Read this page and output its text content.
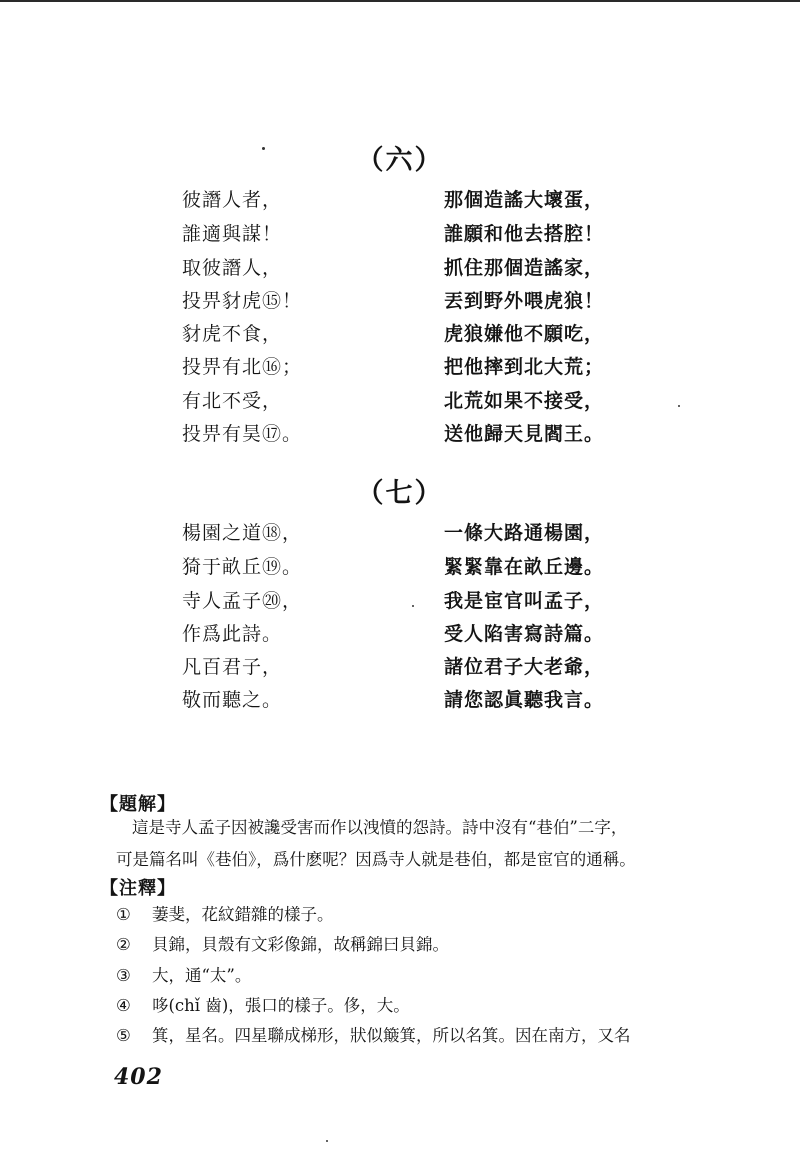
（六）
彼譖人者，	那個造謠大壞蛋，
誰適與謀！	誰願和他去搭腔！
取彼譖人，	抓住那個造謠家，
投畀豺虎⑮！	丟到野外喂虎狼！
豺虎不食，	虎狼嫌他不願吃，
投畀有北⑯；	把他摔到北大荒；
有北不受，	北荒如果不接受，
投畀有昊⑰。	送他歸天見閻王。
（七）
楊園之道⑱，	一條大路通楊園，
猗于畝丘⑲。	緊緊靠在畝丘邊。
寺人孟子⑳，	我是宦官叫孟子，
作爲此詩。	受人陷害寫詩篇。
凡百君子，	諸位君子大老爺，
敬而聽之。	請您認眞聽我言。
【題解】
這是寺人孟子因被讒受害而作以洩憤的怨詩。詩中沒有“巷伯”二字，
可是篇名叫《巷伯》，爲什麽呢？因爲寺人就是巷伯，都是宦官的通稱。
【注釋】
① 萋斐，花紋錯雜的樣子。
② 貝錦，貝殼有文彩像錦，故稱錦曰貝錦。
③ 大，通“太”。
④ 哆(chǐ 齒)，張口的樣子。侈，大。
⑤ 箕，星名。四星聯成梯形，狀似簸箕，所以名箕。因在南方，又名
402
